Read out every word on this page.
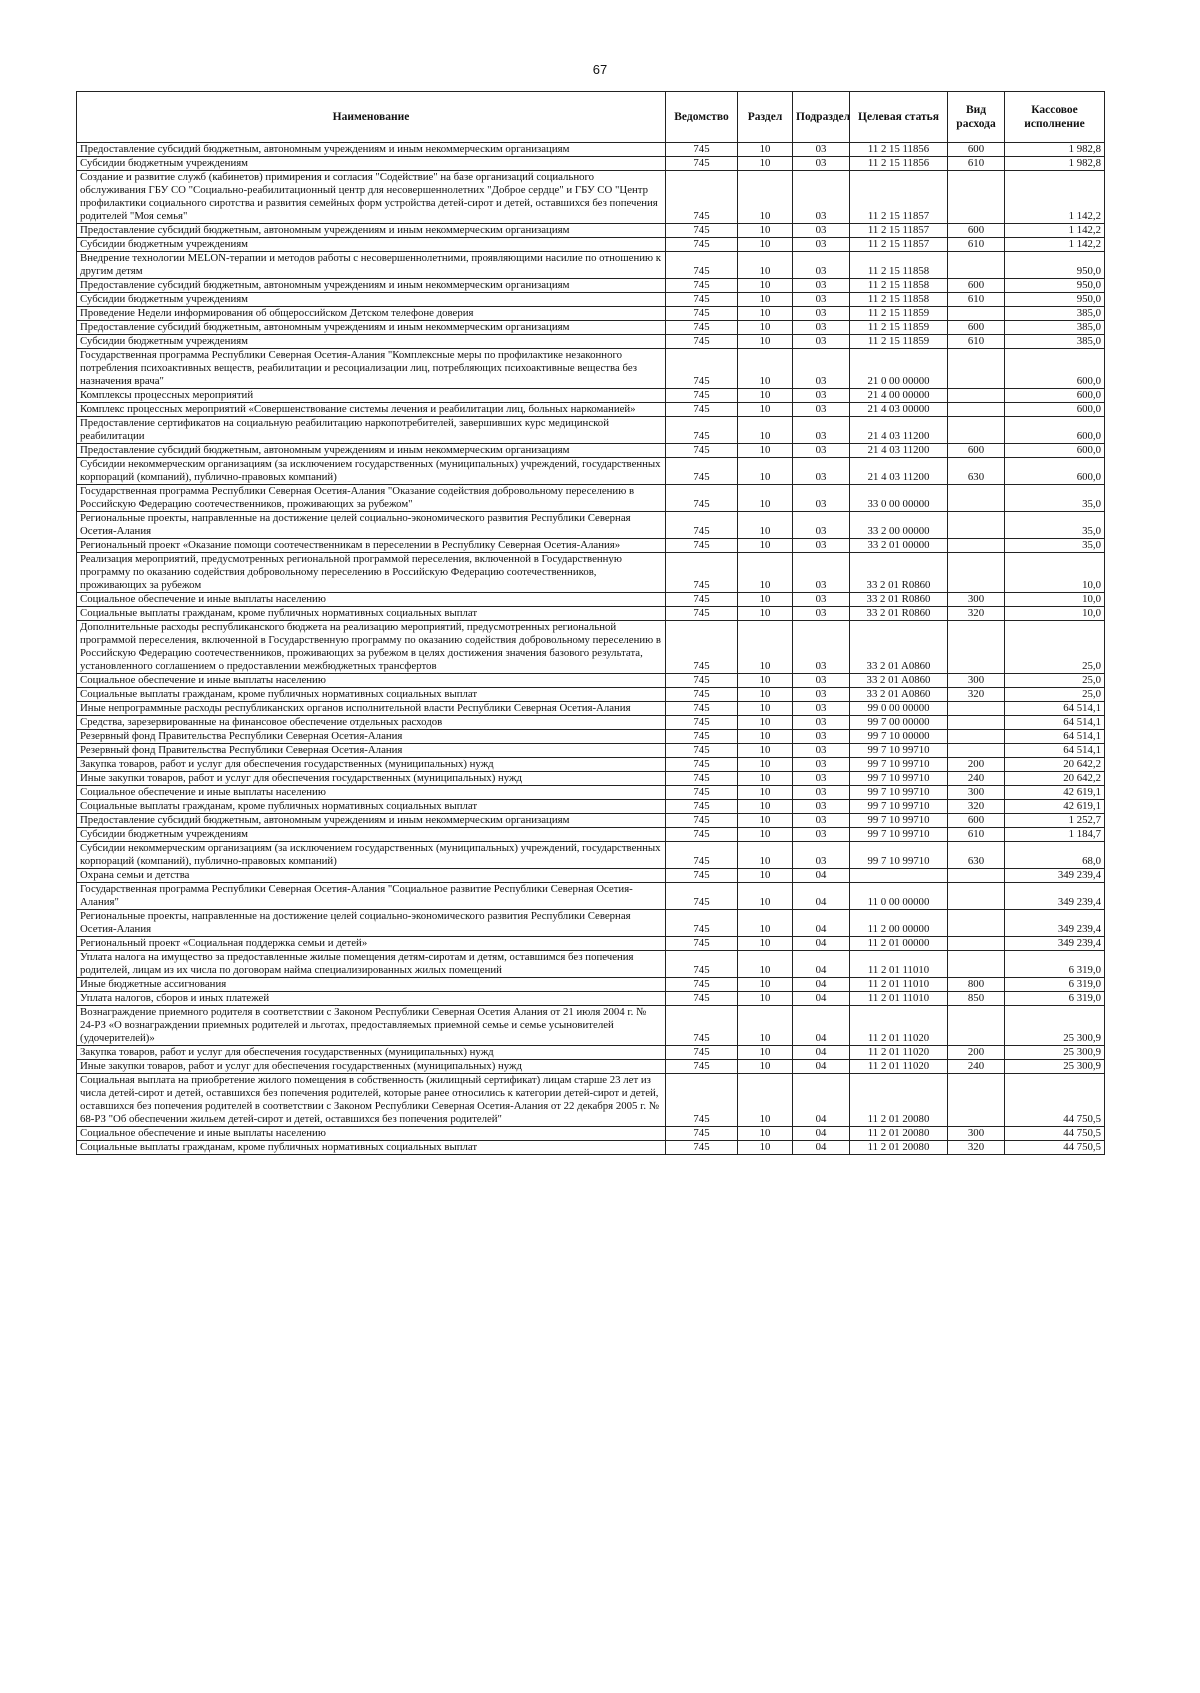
67
Наименование	Ведомство	Раздел	Подраздел	Целевая статья	Вид расхода	Кассовое исполнение
Предоставление субсидий бюджетным, автономным учреждениям и иным некоммерческим организациям	745	10	03	11 2 15 11856	600	1 982,8
Субсидии бюджетным учреждениям	745	10	03	11 2 15 11856	610	1 982,8
Создание и развитие служб (кабинетов) примирения и согласия "Содействие" на базе организаций социального обслуживания ГБУ СО "Социально-реабилитационный центр для несовершеннолетних "Доброе сердце" и ГБУ СО "Центр профилактики социального сиротства и развития семейных форм устройства детей-сирот и детей, оставшихся без попечения родителей "Моя семья"	745	10	03	11 2 15 11857		1 142,2
Предоставление субсидий бюджетным, автономным учреждениям и иным некоммерческим организациям	745	10	03	11 2 15 11857	600	1 142,2
Субсидии бюджетным учреждениям	745	10	03	11 2 15 11857	610	1 142,2
Внедрение технологии MELON-терапии и методов работы с несовершеннолетними, проявляющими насилие по отношению к другим детям	745	10	03	11 2 15 11858		950,0
Предоставление субсидий бюджетным, автономным учреждениям и иным некоммерческим организациям	745	10	03	11 2 15 11858	600	950,0
Субсидии бюджетным учреждениям	745	10	03	11 2 15 11858	610	950,0
Проведение Недели информирования об общероссийском Детском телефоне доверия	745	10	03	11 2 15 11859		385,0
Предоставление субсидий бюджетным, автономным учреждениям и иным некоммерческим организациям	745	10	03	11 2 15 11859	600	385,0
Субсидии бюджетным учреждениям	745	10	03	11 2 15 11859	610	385,0
Государственная программа Республики Северная Осетия-Алания "Комплексные меры по профилактике незаконного потребления психоактивных веществ, реабилитации и ресоциализации лиц, потребляющих психоактивные вещества без назначения врача"	745	10	03	21 0 00 00000		600,0
Комплексы процессных мероприятий	745	10	03	21 4 00 00000		600,0
Комплекс процессных мероприятий «Совершенствование системы лечения и реабилитации лиц, больных наркоманией»	745	10	03	21 4 03 00000		600,0
Предоставление сертификатов на социальную реабилитацию наркопотребителей, завершивших курс медицинской реабилитации	745	10	03	21 4 03 11200		600,0
Предоставление субсидий бюджетным, автономным учреждениям и иным некоммерческим организациям	745	10	03	21 4 03 11200	600	600,0
Субсидии некоммерческим организациям (за исключением государственных (муниципальных) учреждений, государственных корпораций (компаний), публично-правовых компаний)	745	10	03	21 4 03 11200	630	600,0
Государственная программа Республики Северная Осетия-Алания "Оказание содействия добровольному переселению в Российскую Федерацию соотечественников, проживающих за рубежом"	745	10	03	33 0 00 00000		35,0
Региональные проекты, направленные на достижение целей социально-экономического развития Республики Северная Осетия-Алания	745	10	03	33 2 00 00000		35,0
Региональный проект «Оказание помощи соотечественникам в переселении в Республику Северная Осетия-Алания»	745	10	03	33 2 01 00000		35,0
Реализация мероприятий, предусмотренных региональной программой переселения, включенной в Государственную программу по оказанию содействия добровольному переселению в Российскую Федерацию соотечественников, проживающих за рубежом	745	10	03	33 2 01 R0860		10,0
Социальное обеспечение и иные выплаты населению	745	10	03	33 2 01 R0860	300	10,0
Социальные выплаты гражданам, кроме публичных нормативных социальных выплат	745	10	03	33 2 01 R0860	320	10,0
Дополнительные расходы республиканского бюджета на реализацию мероприятий, предусмотренных региональной программой переселения, включенной в Государственную программу по оказанию содействия добровольному переселению в Российскую Федерацию соотечественников, проживающих за рубежом в целях достижения значения базового результата, установленного соглашением о предоставлении межбюджетных трансфертов	745	10	03	33 2 01 A0860		25,0
Социальное обеспечение и иные выплаты населению	745	10	03	33 2 01 A0860	300	25,0
Социальные выплаты гражданам, кроме публичных нормативных социальных выплат	745	10	03	33 2 01 A0860	320	25,0
Иные непрограммные расходы республиканских органов исполнительной власти Республики Северная Осетия-Алания	745	10	03	99 0 00 00000		64 514,1
Средства, зарезервированные на финансовое обеспечение отдельных расходов	745	10	03	99 7 00 00000		64 514,1
Резервный фонд Правительства Республики Северная Осетия-Алания	745	10	03	99 7 10 00000		64 514,1
Резервный фонд Правительства Республики Северная Осетия-Алания	745	10	03	99 7 10 99710		64 514,1
Закупка товаров, работ и услуг для обеспечения государственных (муниципальных) нужд	745	10	03	99 7 10 99710	200	20 642,2
Иные закупки товаров, работ и услуг для обеспечения государственных (муниципальных) нужд	745	10	03	99 7 10 99710	240	20 642,2
Социальное обеспечение и иные выплаты населению	745	10	03	99 7 10 99710	300	42 619,1
Социальные выплаты гражданам, кроме публичных нормативных социальных выплат	745	10	03	99 7 10 99710	320	42 619,1
Предоставление субсидий бюджетным, автономным учреждениям и иным некоммерческим организациям	745	10	03	99 7 10 99710	600	1 252,7
Субсидии бюджетным учреждениям	745	10	03	99 7 10 99710	610	1 184,7
Субсидии некоммерческим организациям (за исключением государственных (муниципальных) учреждений, государственных корпораций (компаний), публично-правовых компаний)	745	10	03	99 7 10 99710	630	68,0
Охрана семьи и детства	745	10	04			349 239,4
Государственная программа Республики Северная Осетия-Алания "Социальное развитие Республики Северная Осетия-Алания"	745	10	04	11 0 00 00000		349 239,4
Региональные проекты, направленные на достижение целей социально-экономического развития Республики Северная Осетия-Алания	745	10	04	11 2 00 00000		349 239,4
Региональный проект «Социальная поддержка семьи и детей»	745	10	04	11 2 01 00000		349 239,4
Уплата налога на имущество за предоставленные жилые помещения детям-сиротам и детям, оставшимся без попечения родителей, лицам из их числа по договорам найма специализированных жилых помещений	745	10	04	11 2 01 11010		6 319,0
Иные бюджетные ассигнования	745	10	04	11 2 01 11010	800	6 319,0
Уплата налогов, сборов и иных платежей	745	10	04	11 2 01 11010	850	6 319,0
Вознаграждение приемного родителя в соответствии с Законом Республики Северная Осетия Алания от 21 июля 2004 г. № 24-РЗ «О вознаграждении приемных родителей и льготах, предоставляемых приемной семье и семье усыновителей (удочерителей)»	745	10	04	11 2 01 11020		25 300,9
Закупка товаров, работ и услуг для обеспечения государственных (муниципальных) нужд	745	10	04	11 2 01 11020	200	25 300,9
Иные закупки товаров, работ и услуг для обеспечения государственных (муниципальных) нужд	745	10	04	11 2 01 11020	240	25 300,9
Социальная выплата на приобретение жилого помещения в собственность (жилищный сертификат) лицам старше 23 лет из числа детей-сирот и детей, оставшихся без попечения родителей, которые ранее относились к категории детей-сирот и детей, оставшихся без попечения родителей в соответствии с Законом Республики Северная Осетия-Алания от 22 декабря 2005 г. № 68-РЗ "Об обеспечении жильем детей-сирот и детей, оставшихся без попечения родителей"	745	10	04	11 2 01 20080		44 750,5
Социальное обеспечение и иные выплаты населению	745	10	04	11 2 01 20080	300	44 750,5
Социальные выплаты гражданам, кроме публичных нормативных социальных выплат	745	10	04	11 2 01 20080	320	44 750,5
